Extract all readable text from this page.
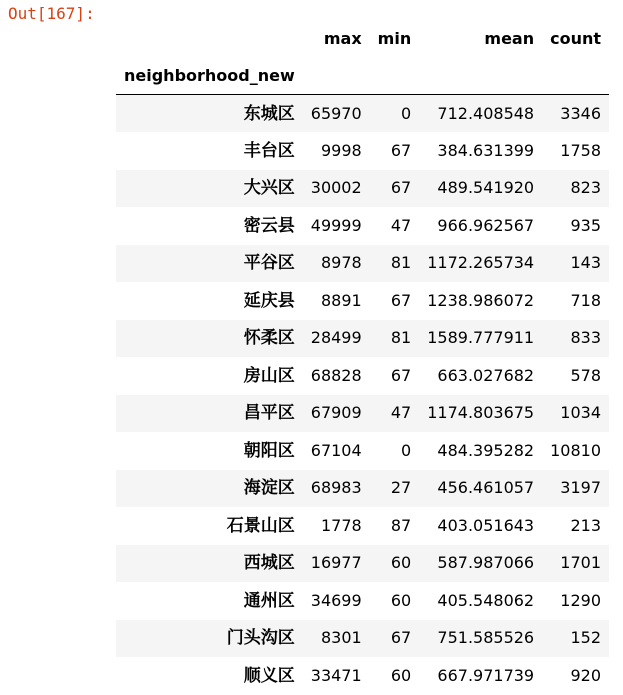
Out[167]:
	max	min	mean	count
neighborhood_new				
东城区	65970	0	712.408548	3346
丰台区	9998	67	384.631399	1758
大兴区	30002	67	489.541920	823
密云县	49999	47	966.962567	935
平谷区	8978	81	1172.265734	143
延庆县	8891	67	1238.986072	718
怀柔区	28499	81	1589.777911	833
房山区	68828	67	663.027682	578
昌平区	67909	47	1174.803675	1034
朝阳区	67104	0	484.395282	10810
海淀区	68983	27	456.461057	3197
石景山区	1778	87	403.051643	213
西城区	16977	60	587.987066	1701
通州区	34699	60	405.548062	1290
门头沟区	8301	67	751.585526	152
顺义区	33471	60	667.971739	920
